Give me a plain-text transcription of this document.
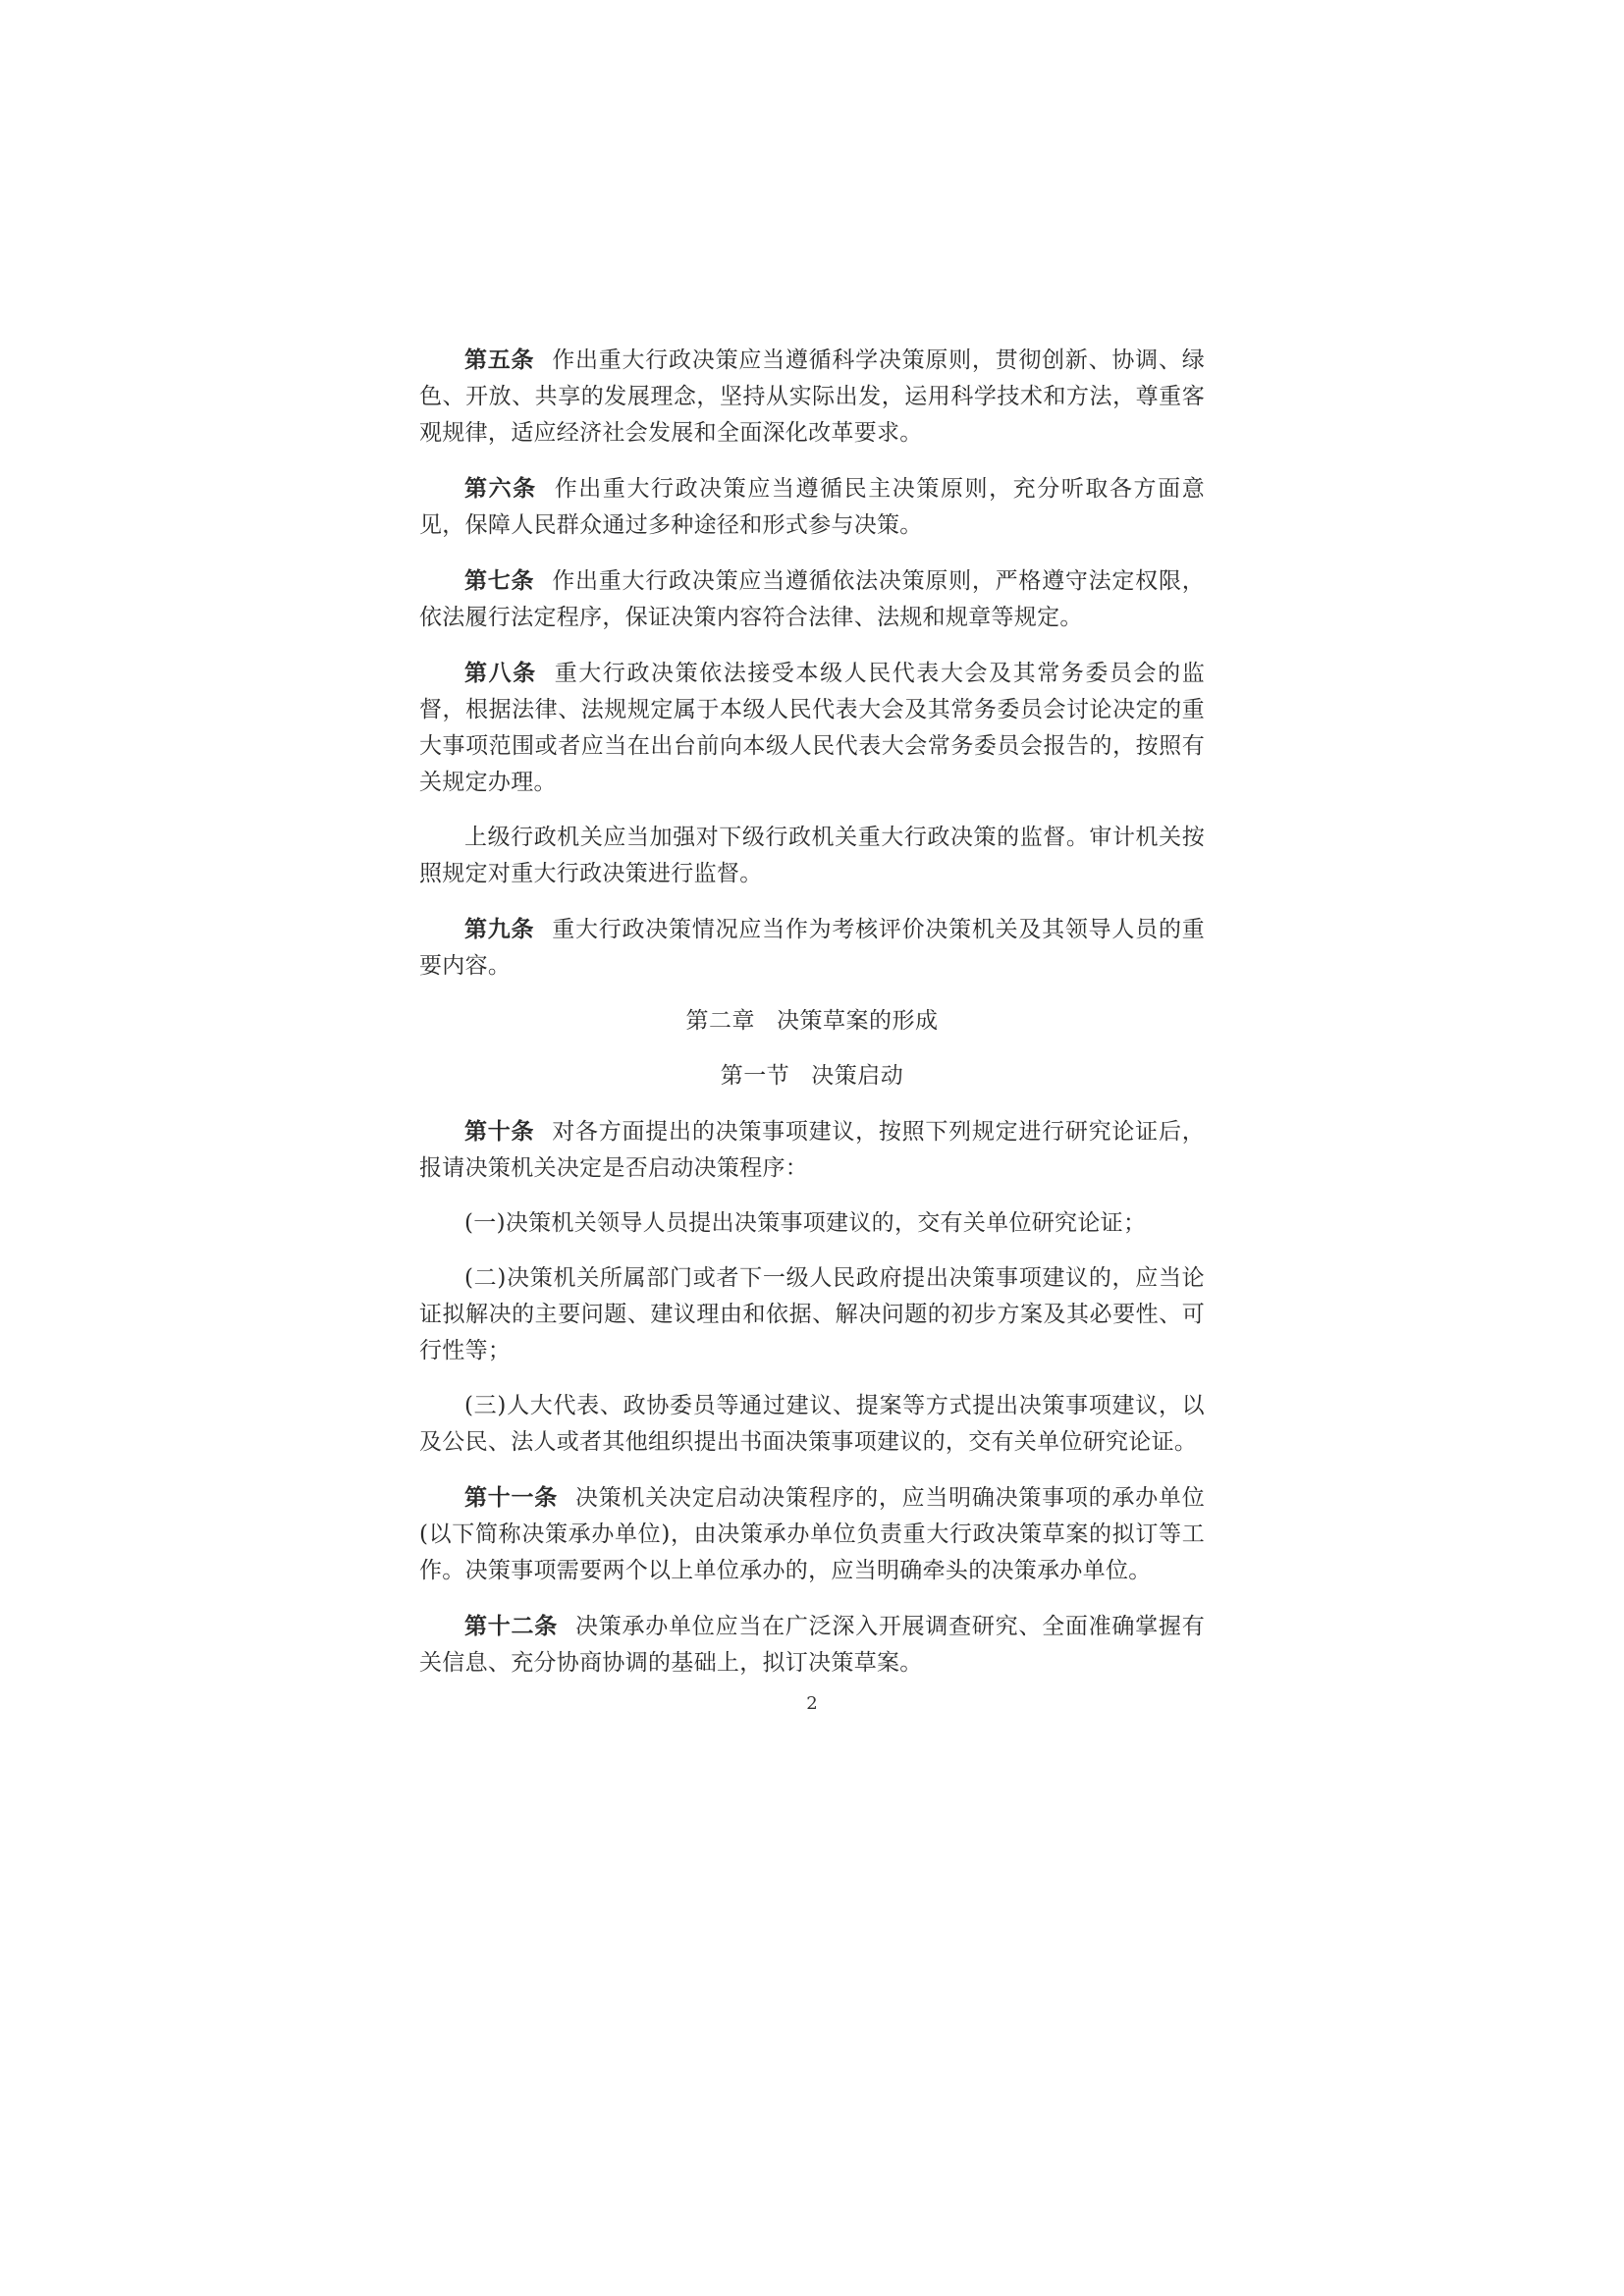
第五条 作出重大行政决策应当遵循科学决策原则，贯彻创新、协调、绿色、开放、共享的发展理念，坚持从实际出发，运用科学技术和方法，尊重客观规律，适应经济社会发展和全面深化改革要求。

第六条 作出重大行政决策应当遵循民主决策原则，充分听取各方面意见，保障人民群众通过多种途径和形式参与决策。

第七条 作出重大行政决策应当遵循依法决策原则，严格遵守法定权限，依法履行法定程序，保证决策内容符合法律、法规和规章等规定。

第八条 重大行政决策依法接受本级人民代表大会及其常务委员会的监督，根据法律、法规规定属于本级人民代表大会及其常务委员会讨论决定的重大事项范围或者应当在出台前向本级人民代表大会常务委员会报告的，按照有关规定办理。

上级行政机关应当加强对下级行政机关重大行政决策的监督。审计机关按照规定对重大行政决策进行监督。

第九条 重大行政决策情况应当作为考核评价决策机关及其领导人员的重要内容。

第二章 决策草案的形成
第一节 决策启动

第十条 对各方面提出的决策事项建议，按照下列规定进行研究论证后，报请决策机关决定是否启动决策程序：

(一)决策机关领导人员提出决策事项建议的，交有关单位研究论证；

(二)决策机关所属部门或者下一级人民政府提出决策事项建议的，应当论证拟解决的主要问题、建议理由和依据、解决问题的初步方案及其必要性、可行性等；

(三)人大代表、政协委员等通过建议、提案等方式提出决策事项建议，以及公民、法人或者其他组织提出书面决策事项建议的，交有关单位研究论证。

第十一条 决策机关决定启动决策程序的，应当明确决策事项的承办单位(以下简称决策承办单位)，由决策承办单位负责重大行政决策草案的拟订等工作。决策事项需要两个以上单位承办的，应当明确牵头的决策承办单位。

第十二条 决策承办单位应当在广泛深入开展调查研究、全面准确掌握有关信息、充分协商协调的基础上，拟订决策草案。

2
